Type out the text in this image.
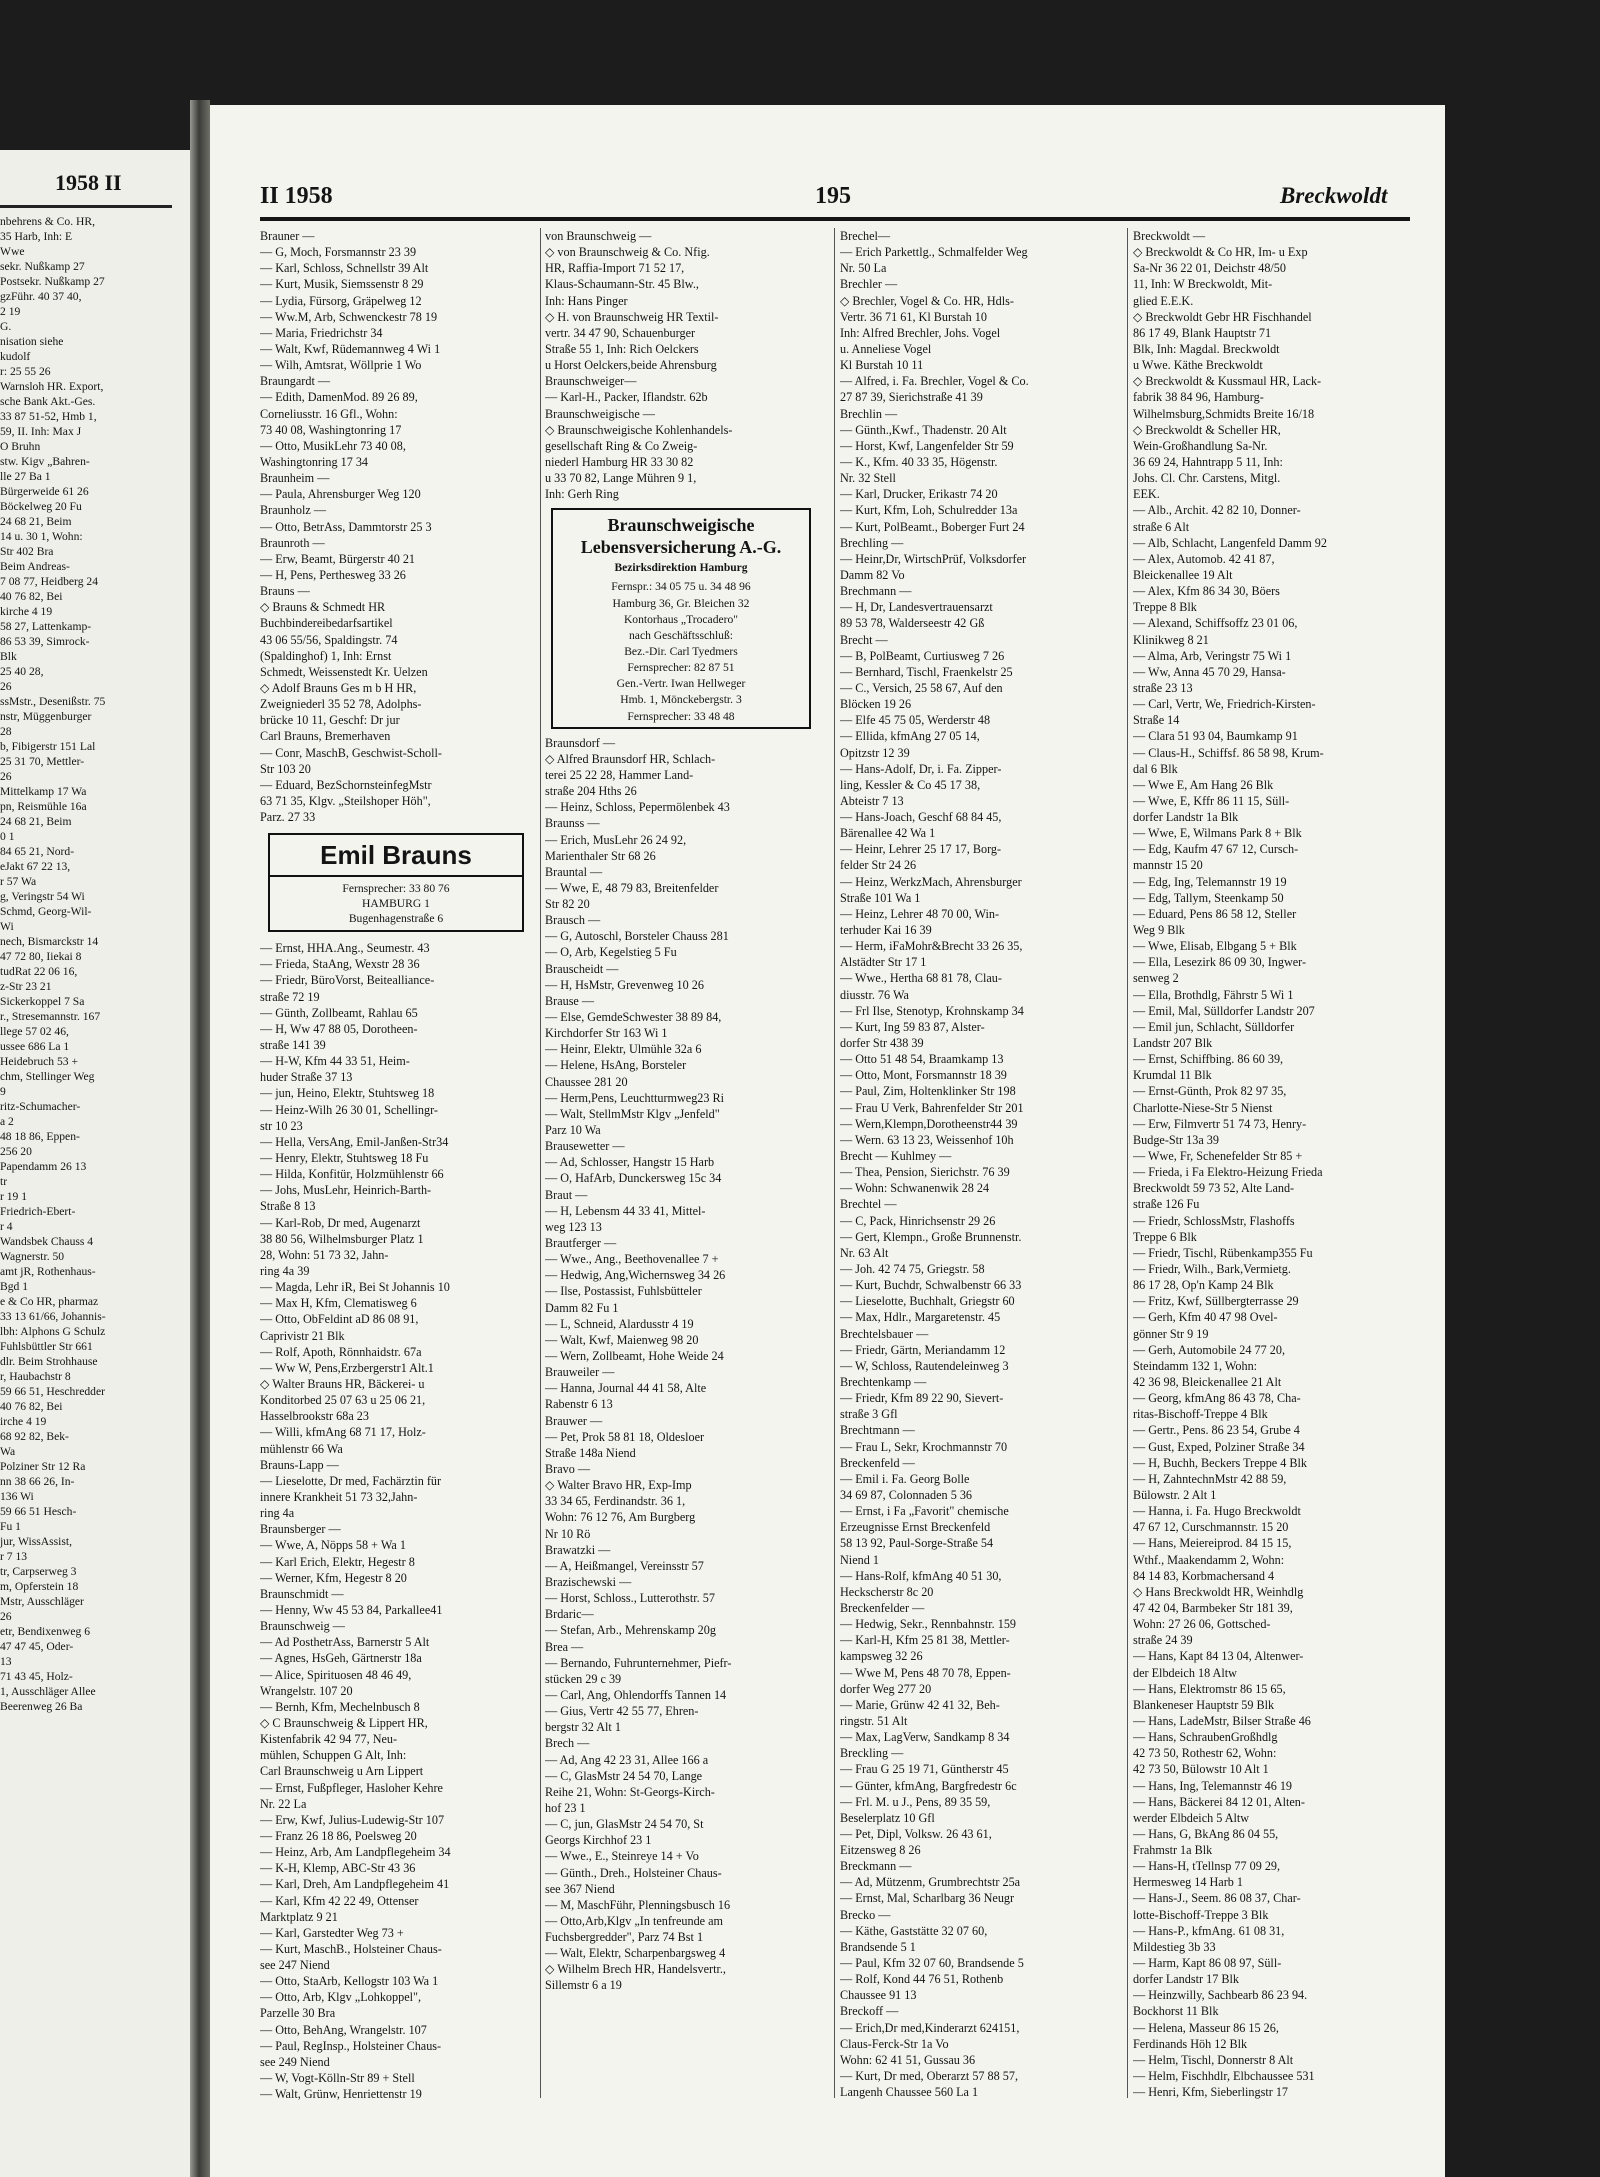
1958 II
nbehrens & Co. HR,
35 Harb, Inh: E
Wwe
sekr. Nußkamp 27
Postsekr. Nußkamp 27
gzFühr. 40 37 40,
2 19
G.
nisation siehe
kudolf
r: 25 55 26
Warnsloh HR. Export,
sche Bank Akt.-Ges.
33 87 51-52, Hmb 1,
59, II. Inh: Max J
O Bruhn
stw. Kigv „Bahren-
lle 27 Ba 1
Bürgerweide 61 26
Böckelweg 20 Fu
24 68 21, Beim
14 u. 30 1, Wohn:
Str 402 Bra
Beim Andreas-
7 08 77, Heidberg 24
40 76 82, Bei
kirche 4 19
58 27, Lattenkamp-
86 53 39, Simrock-
Blk
25 40 28,
26
ssMstr., Desenißstr. 75
nstr, Müggenburger
28
b, Fibigerstr 151 Lal
25 31 70, Mettler-
26
Mittelkamp 17 Wa
pn, Reismühle 16a
24 68 21, Beim
0 1
84 65 21, Nord-
eJakt 67 22 13,
r 57 Wa
g, Veringstr 54 Wi
Schmd, Georg-Wil-
Wi
nech, Bismarckstr 14
47 72 80, Iiekai 8
tudRat 22 06 16,
z-Str 23 21
Sickerkoppel 7 Sa
r., Stresemannstr. 167
llege 57 02 46,
ussee 686 La 1
Heidebruch 53 +
chm, Stellinger Weg
9
ritz-Schumacher-
a 2
48 18 86, Eppen-
256 20
Papendamm 26 13
tr
r 19 1
Friedrich-Ebert-
r 4
Wandsbek Chauss 4
Wagnerstr. 50
amt jR, Rothenhaus-
Bgd 1
e & Co HR, pharmaz
33 13 61/66, Johannis-
lbh: Alphons G Schulz
Fuhlsbüttler Str 661
dlr. Beim Strohhause
r, Haubachstr 8
59 66 51, Heschredder
40 76 82, Bei
irche 4 19
68 92 82, Bek-
Wa
Polziner Str 12 Ra
nn 38 66 26, In-
136 Wi
59 66 51 Hesch-
Fu 1
jur, WissAssist,
r 7 13
tr, Carpserweg 3
m, Opferstein 18
Mstr, Ausschläger
26
etr, Bendixenweg 6
47 47 45, Oder-
13
71 43 45, Holz-
1, Ausschläger Allee
Beerenweg 26 Ba
II 1958	195	Breckwoldt
Brauner —
— G, Moch, Forsmannstr 23 39
— Karl, Schloss, Schnellstr 39 Alt
— Kurt, Musik, Siemssenstr 8 29
— Lydia, Fürsorg, Gräpelweg 12
— Ww.M, Arb, Schwenckestr 78 19
— Maria, Friedrichstr 34
— Walt, Kwf, Rüdemannweg 4 Wi 1
— Wilh, Amtsrat, Wöllprie 1 Wo
Braungardt —
— Edith, DamenMod. 89 26 89,
Corneliusstr. 16 Gfl., Wohn:
73 40 08, Washingtonring 17
— Otto, MusikLehr 73 40 08,
Washingtonring 17 34
Braunheim —
— Paula, Ahrensburger Weg 120
Braunholz —
— Otto, BetrAss, Dammtorstr 25 3
Braunroth —
— Erw, Beamt, Bürgerstr 40 21
— H, Pens, Perthesweg 33 26
Brauns —
◇ Brauns & Schmedt HR
Buchbindereibedarfsartikel
43 06 55/56, Spaldingstr. 74
(Spaldinghof) 1, Inh: Ernst
Schmedt, Weissenstedt Kr. Uelzen
◇ Adolf Brauns Ges m b H HR,
Zweigniederl 35 52 78, Adolphs-
brücke 10 11, Geschf: Dr jur
Carl Brauns, Bremerhaven
— Conr, MaschB, Geschwist-Scholl-
Str 103 20
— Eduard, BezSchornsteinfegMstr
63 71 35, Klgv. „Steilshoper Höh",
Parz. 27 33
Emil Brauns
Fernsprecher: 33 80 76
HAMBURG 1
Bugenhagenstraße 6
— Ernst, HHA.Ang., Seumestr. 43
— Frieda, StaAng, Wexstr 28 36
— Friedr, BüroVorst, Beitealliance-
straße 72 19
— Günth, Zollbeamt, Rahlau 65
— H, Ww 47 88 05, Dorotheen-
straße 141 39
— H-W, Kfm 44 33 51, Heim-
huder Straße 37 13
— jun, Heino, Elektr, Stuhtsweg 18
— Heinz-Wilh 26 30 01, Schellingr-
str 10 23
— Hella, VersAng, Emil-Janßen-Str34
— Henry, Elektr, Stuhtsweg 18 Fu
— Hilda, Konfitür, Holzmühlenstr 66
— Johs, MusLehr, Heinrich-Barth-
Straße 8 13
— Karl-Rob, Dr med, Augenarzt
38 80 56, Wilhelmsburger Platz 1
28, Wohn: 51 73 32, Jahn-
ring 4a 39
— Magda, Lehr iR, Bei St Johannis 10
— Max H, Kfm, Clematisweg 6
— Otto, ObFeldint aD 86 08 91,
Caprivistr 21 Blk
— Rolf, Apoth, Rönnhaidstr. 67a
— Ww W, Pens,Erzbergerstr1 Alt.1
◇ Walter Brauns HR, Bäckerei- u
Konditorbed 25 07 63 u 25 06 21,
Hasselbrookstr 68a 23
— Willi, kfmAng 68 71 17, Holz-
mühlenstr 66 Wa
Brauns-Lapp —
— Lieselotte, Dr med, Fachärztin für
innere Krankheit 51 73 32,Jahn-
ring 4a
Braunsberger —
— Wwe, A, Nöpps 58 + Wa 1
— Karl Erich, Elektr, Hegestr 8
— Werner, Kfm, Hegestr 8 20
Braunschmidt —
— Henny, Ww 45 53 84, Parkallee41
Braunschweig —
— Ad PosthetrAss, Barnerstr 5 Alt
— Agnes, HsGeh, Gärtnerstr 18a
— Alice, Spirituosen 48 46 49,
Wrangelstr. 107 20
— Bernh, Kfm, Mechelnbusch 8
◇ C Braunschweig & Lippert HR,
Kistenfabrik 42 94 77, Neu-
mühlen, Schuppen G Alt, Inh:
Carl Braunschweig u Arn Lippert
— Ernst, Fußpfleger, Hasloher Kehre
Nr. 22 La
— Erw, Kwf, Julius-Ludewig-Str 107
— Franz 26 18 86, Poelsweg 20
— Heinz, Arb, Am Landpflegeheim 34
— K-H, Klemp, ABC-Str 43 36
— Karl, Dreh, Am Landpflegeheim 41
— Karl, Kfm 42 22 49, Ottenser
Marktplatz 9 21
— Karl, Garstedter Weg 73 +
— Kurt, MaschB., Holsteiner Chaus-
see 247 Niend
— Otto, StaArb, Kellogstr 103 Wa 1
— Otto, Arb, Klgv „Lohkoppel",
Parzelle 30 Bra
— Otto, BehAng, Wrangelstr. 107
— Paul, RegInsp., Holsteiner Chaus-
see 249 Niend
— W, Vogt-Kölln-Str 89 + Stell
— Walt, Grünw, Henriettenstr 19
von Braunschweig —
◇ von Braunschweig & Co. Nfig.
HR, Raffia-Import 71 52 17,
Klaus-Schaumann-Str. 45 Blw.,
Inh: Hans Pinger
◇ H. von Braunschweig HR Textil-
vertr. 34 47 90, Schauenburger
Straße 55 1, Inh: Rich Oelckers
u Horst Oelckers,beide Ahrensburg
Braunschweiger—
— Karl-H., Packer, Iflandstr. 62b
Braunschweigische —
◇ Braunschweigische Kohlenhandels-
gesellschaft Ring & Co Zweig-
niederl Hamburg HR 33 30 82
u 33 70 82, Lange Mühren 9 1,
Inh: Gerh Ring
Braunschweigische Lebensversicherung A.-G.
Bezirksdirektion Hamburg
Fernspr.: 34 05 75 u. 34 48 96
Hamburg 36, Gr. Bleichen 32
Kontorhaus „Trocadero"
nach Geschäftsschluß:
Bez.-Dir. Carl Tyedmers
Fernsprecher: 82 87 51
Gen.-Vertr. Iwan Hellweger
Hmb. 1, Mönckebergstr. 3
Fernsprecher: 33 48 48
Braunsdorf —
◇ Alfred Braunsdorf HR, Schlach-
terei 25 22 28, Hammer Land-
straße 204 Hths 26
— Heinz, Schloss, Pepermölenbek 43
Braunss —
— Erich, MusLehr 26 24 92,
Marienthaler Str 68 26
Brauntal —
— Wwe, E, 48 79 83, Breitenfelder
Str 82 20
Brausch —
— G, Autoschl, Borsteler Chauss 281
— O, Arb, Kegelstieg 5 Fu
Brauscheidt —
— H, HsMstr, Grevenweg 10 26
Brause —
— Else, GemdeSchwester 38 89 84,
Kirchdorfer Str 163 Wi 1
— Heinr, Elektr, Ulmühle 32a 6
— Helene, HsAng, Borsteler
Chaussee 281 20
— Herm,Pens, Leuchtturmweg23 Ri
— Walt, StellmMstr Klgv „Jenfeld"
Parz 10 Wa
Brausewetter —
— Ad, Schlosser, Hangstr 15 Harb
— O, HafArb, Dunckersweg 15c 34
Braut —
— H, Lebensm 44 33 41, Mittel-
weg 123 13
Brautferger —
— Wwe., Ang., Beethovenallee 7 +
— Hedwig, Ang,Wichernsweg 34 26
— Ilse, Postassist, Fuhlsbütteler
Damm 82 Fu 1
— L, Schneid, Alardusstr 4 19
— Walt, Kwf, Maienweg 98 20
— Wern, Zollbeamt, Hohe Weide 24
Brauweiler —
— Hanna, Journal 44 41 58, Alte
Rabenstr 6 13
Brauwer —
— Pet, Prok 58 81 18, Oldesloer
Straße 148a Niend
Bravo —
◇ Walter Bravo HR, Exp-Imp
33 34 65, Ferdinandstr. 36 1,
Wohn: 76 12 76, Am Burgberg
Nr 10 Rö
Brawatzki —
— A, Heißmangel, Vereinsstr 57
Brazischewski —
— Horst, Schloss., Lutterothstr. 57
Brdaric—
— Stefan, Arb., Mehrenskamp 20g
Brea —
— Bernando, Fuhrunternehmer, Piefr-
stücken 29 c 39
— Carl, Ang, Ohlendorffs Tannen 14
— Gius, Vertr 42 55 77, Ehren-
bergstr 32 Alt 1
Brech —
— Ad, Ang 42 23 31, Allee 166 a
— C, GlasMstr 24 54 70, Lange
Reihe 21, Wohn: St-Georgs-Kirch-
hof 23 1
— C, jun, GlasMstr 24 54 70, St
Georgs Kirchhof 23 1
— Wwe., E., Steinreye 14 + Vo
— Günth., Dreh., Holsteiner Chaus-
see 367 Niend
— M, MaschFühr, Plenningsbusch 16
— Otto,Arb,Klgv „In tenfreunde am
Fuchsbergredder", Parz 74 Bst 1
— Walt, Elektr, Scharpenbargsweg 4
◇ Wilhelm Brech HR, Handelsvertr.,
Sillemstr 6 a 19
Brechel—
— Erich Parkettlg., Schmalfelder Weg
Nr. 50 La
Brechler —
◇ Brechler, Vogel & Co. HR, Hdls-
Vertr. 36 71 61, Kl Burstah 10
Inh: Alfred Brechler, Johs. Vogel
u. Anneliese Vogel
Kl Burstah 10 11
— Alfred, i. Fa. Brechler, Vogel & Co.
27 87 39, Sierichstraße 41 39
Brechlin —
— Günth.,Kwf., Thadenstr. 20 Alt
— Horst, Kwf, Langenfelder Str 59
— K., Kfm. 40 33 35, Högenstr.
Nr. 32 Stell
— Karl, Drucker, Erikastr 74 20
— Kurt, Kfm, Loh, Schulredder 13a
— Kurt, PolBeamt., Boberger Furt 24
Brechling —
— Heinr,Dr, WirtschPrüf, Volksdorfer
Damm 82 Vo
Brechmann —
— H, Dr, Landesvertrauensarzt
89 53 78, Walderseestr 42 Gß
Brecht —
— B, PolBeamt, Curtiusweg 7 26
— Bernhard, Tischl, Fraenkelstr 25
— C., Versich, 25 58 67, Auf den
Blöcken 19 26
— Elfe 45 75 05, Werderstr 48
— Ellida, kfmAng 27 05 14,
Opitzstr 12 39
— Hans-Adolf, Dr, i. Fa. Zipper-
ling, Kessler & Co 45 17 38,
Abteistr 7 13
— Hans-Joach, Geschf 68 84 45,
Bärenallee 42 Wa 1
— Heinr, Lehrer 25 17 17, Borg-
felder Str 24 26
— Heinz, WerkzMach, Ahrensburger
Straße 101 Wa 1
— Heinz, Lehrer 48 70 00, Win-
terhuder Kai 16 39
— Herm, iFaMohr&Brecht 33 26 35,
Alstädter Str 17 1
— Wwe., Hertha 68 81 78, Clau-
diusstr. 76 Wa
— Frl Ilse, Stenotyp, Krohnskamp 34
— Kurt, Ing 59 83 87, Alster-
dorfer Str 438 39
— Otto 51 48 54, Braamkamp 13
— Otto, Mont, Forsmannstr 18 39
— Paul, Zim, Holtenklinker Str 198
— Frau U Verk, Bahrenfelder Str 201
— Wern,Klempn,Dorotheenstr44 39
— Wern. 63 13 23, Weissenhof 10h
Brecht — Kuhlmey —
— Thea, Pension, Sierichstr. 76 39
— Wohn: Schwanenwik 28 24
Brechtel —
— C, Pack, Hinrichsenstr 29 26
— Gert, Klempn., Große Brunnenstr.
Nr. 63 Alt
— Joh. 42 74 75, Griegstr. 58
— Kurt, Buchdr, Schwalbenstr 66 33
— Lieselotte, Buchhalt, Griegstr 60
— Max, Hdlr., Margaretenstr. 45
Brechtelsbauer —
— Friedr, Gärtn, Meriandamm 12
— W, Schloss, Rautendeleinweg 3
Brechtenkamp —
— Friedr, Kfm 89 22 90, Sievert-
straße 3 Gfl
Brechtmann —
— Frau L, Sekr, Krochmannstr 70
Breckenfeld —
— Emil i. Fa. Georg Bolle
34 69 87, Colonnaden 5 36
— Ernst, i Fa „Favorit" chemische
Erzeugnisse Ernst Breckenfeld
58 13 92, Paul-Sorge-Straße 54
Niend 1
— Hans-Rolf, kfmAng 40 51 30,
Heckscherstr 8c 20
Breckenfelder —
— Hedwig, Sekr., Rennbahnstr. 159
— Karl-H, Kfm 25 81 38, Mettler-
kampsweg 32 26
— Wwe M, Pens 48 70 78, Eppen-
dorfer Weg 277 20
— Marie, Grünw 42 41 32, Beh-
ringstr. 51 Alt
— Max, LagVerw, Sandkamp 8 34
Breckling —
— Frau G 25 19 71, Güntherstr 45
— Günter, kfmAng, Bargfredestr 6c
— Frl. M. u J., Pens, 89 35 59,
Beselerplatz 10 Gfl
— Pet, Dipl, Volksw. 26 43 61,
Eitzensweg 8 26
Breckmann —
— Ad, Mützenm, Grumbrechtstr 25a
— Ernst, Mal, Scharlbarg 36 Neugr
Brecko —
— Käthe, Gaststätte 32 07 60,
Brandsende 5 1
— Paul, Kfm 32 07 60, Brandsende 5
— Rolf, Kond 44 76 51, Rothenb
Chaussee 91 13
Breckoff —
— Erich,Dr med,Kinderarzt 624151,
Claus-Ferck-Str 1a Vo
Wohn: 62 41 51, Gussau 36
— Kurt, Dr med, Oberarzt 57 88 57,
Langenh Chaussee 560 La 1
Breckwoldt —
◇ Breckwoldt & Co HR, Im- u Exp
Sa-Nr 36 22 01, Deichstr 48/50
11, Inh: W Breckwoldt, Mit-
glied E.E.K.
◇ Breckwoldt Gebr HR Fischhandel
86 17 49, Blank Hauptstr 71
Blk, Inh: Magdal. Breckwoldt
u Wwe. Käthe Breckwoldt
◇ Breckwoldt & Kussmaul HR, Lack-
fabrik 38 84 96, Hamburg-
Wilhelmsburg,Schmidts Breite 16/18
◇ Breckwoldt & Scheller HR,
Wein-Großhandlung Sa-Nr.
36 69 24, Hahntrapp 5 11, Inh:
Johs. Cl. Chr. Carstens, Mitgl.
EEK.
— Alb., Archit. 42 82 10, Donner-
straße 6 Alt
— Alb, Schlacht, Langenfeld Damm 92
— Alex, Automob. 42 41 87,
Bleickenallee 19 Alt
— Alex, Kfm 86 34 30, Böers
Treppe 8 Blk
— Alexand, Schiffsoffz 23 01 06,
Klinikweg 8 21
— Alma, Arb, Veringstr 75 Wi 1
— Ww, Anna 45 70 29, Hansa-
straße 23 13
— Carl, Vertr, We, Friedrich-Kirsten-
Straße 14
— Clara 51 93 04, Baumkamp 91
— Claus-H., Schiffsf. 86 58 98, Krum-
dal 6 Blk
— Wwe E, Am Hang 26 Blk
— Wwe, E, Kffr 86 11 15, Süll-
dorfer Landstr 1a Blk
— Wwe, E, Wilmans Park 8 + Blk
— Edg, Kaufm 47 67 12, Cursch-
mannstr 15 20
— Edg, Ing, Telemannstr 19 19
— Edg, Tallym, Steenkamp 50
— Eduard, Pens 86 58 12, Steller
Weg 9 Blk
— Wwe, Elisab, Elbgang 5 + Blk
— Ella, Lesezirk 86 09 30, Ingwer-
senweg 2
— Ella, Brothdlg, Fährstr 5 Wi 1
— Emil, Mal, Sülldorfer Landstr 207
— Emil jun, Schlacht, Sülldorfer
Landstr 207 Blk
— Ernst, Schiffbing. 86 60 39,
Krumdal 11 Blk
— Ernst-Günth, Prok 82 97 35,
Charlotte-Niese-Str 5 Nienst
— Erw, Filmvertr 51 74 73, Henry-
Budge-Str 13a 39
— Wwe, Fr, Schenefelder Str 85 +
— Frieda, i Fa Elektro-Heizung Frieda
Breckwoldt 59 73 52, Alte Land-
straße 126 Fu
— Friedr, SchlossMstr, Flashoffs
Treppe 6 Blk
— Friedr, Tischl, Rübenkamp355 Fu
— Friedr, Wilh., Bark,Vermietg.
86 17 28, Op'n Kamp 24 Blk
— Fritz, Kwf, Süllbergterrasse 29
— Gerh, Kfm 40 47 98 Ovel-
gönner Str 9 19
— Gerh, Automobile 24 77 20,
Steindamm 132 1, Wohn:
42 36 98, Bleickenallee 21 Alt
— Georg, kfmAng 86 43 78, Cha-
ritas-Bischoff-Treppe 4 Blk
— Gertr., Pens. 86 23 54, Grube 4
— Gust, Exped, Polziner Straße 34
— H, Buchh, Beckers Treppe 4 Blk
— H, ZahntechnMstr 42 88 59,
Bülowstr. 2 Alt 1
— Hanna, i. Fa. Hugo Breckwoldt
47 67 12, Curschmannstr. 15 20
— Hans, Meiereiprod. 84 15 15,
Wthf., Maakendamm 2, Wohn:
84 14 83, Korbmachersand 4
◇ Hans Breckwoldt HR, Weinhdlg
47 42 04, Barmbeker Str 181 39,
Wohn: 27 26 06, Gottsched-
straße 24 39
— Hans, Kapt 84 13 04, Altenwer-
der Elbdeich 18 Altw
— Hans, Elektromstr 86 15 65,
Blankeneser Hauptstr 59 Blk
— Hans, LadeMstr, Bilser Straße 46
— Hans, SchraubenGroßhdlg
42 73 50, Rothestr 62, Wohn:
42 73 50, Bülowstr 10 Alt 1
— Hans, Ing, Telemannstr 46 19
— Hans, Bäckerei 84 12 01, Alten-
werder Elbdeich 5 Altw
— Hans, G, BkAng 86 04 55,
Frahmstr 1a Blk
— Hans-H, tTellnsp 77 09 29,
Hermesweg 14 Harb 1
— Hans-J., Seem. 86 08 37, Char-
lotte-Bischoff-Treppe 3 Blk
— Hans-P., kfmAng. 61 08 31,
Mildestieg 3b 33
— Harm, Kapt 86 08 97, Süll-
dorfer Landstr 17 Blk
— Heinzwilly, Sachbearb 86 23 94.
Bockhorst 11 Blk
— Helena, Masseur 86 15 26,
Ferdinands Höh 12 Blk
— Helm, Tischl, Donnerstr 8 Alt
— Helm, Fischhdlr, Elbchaussee 531
— Henri, Kfm, Sieberlingstr 17
